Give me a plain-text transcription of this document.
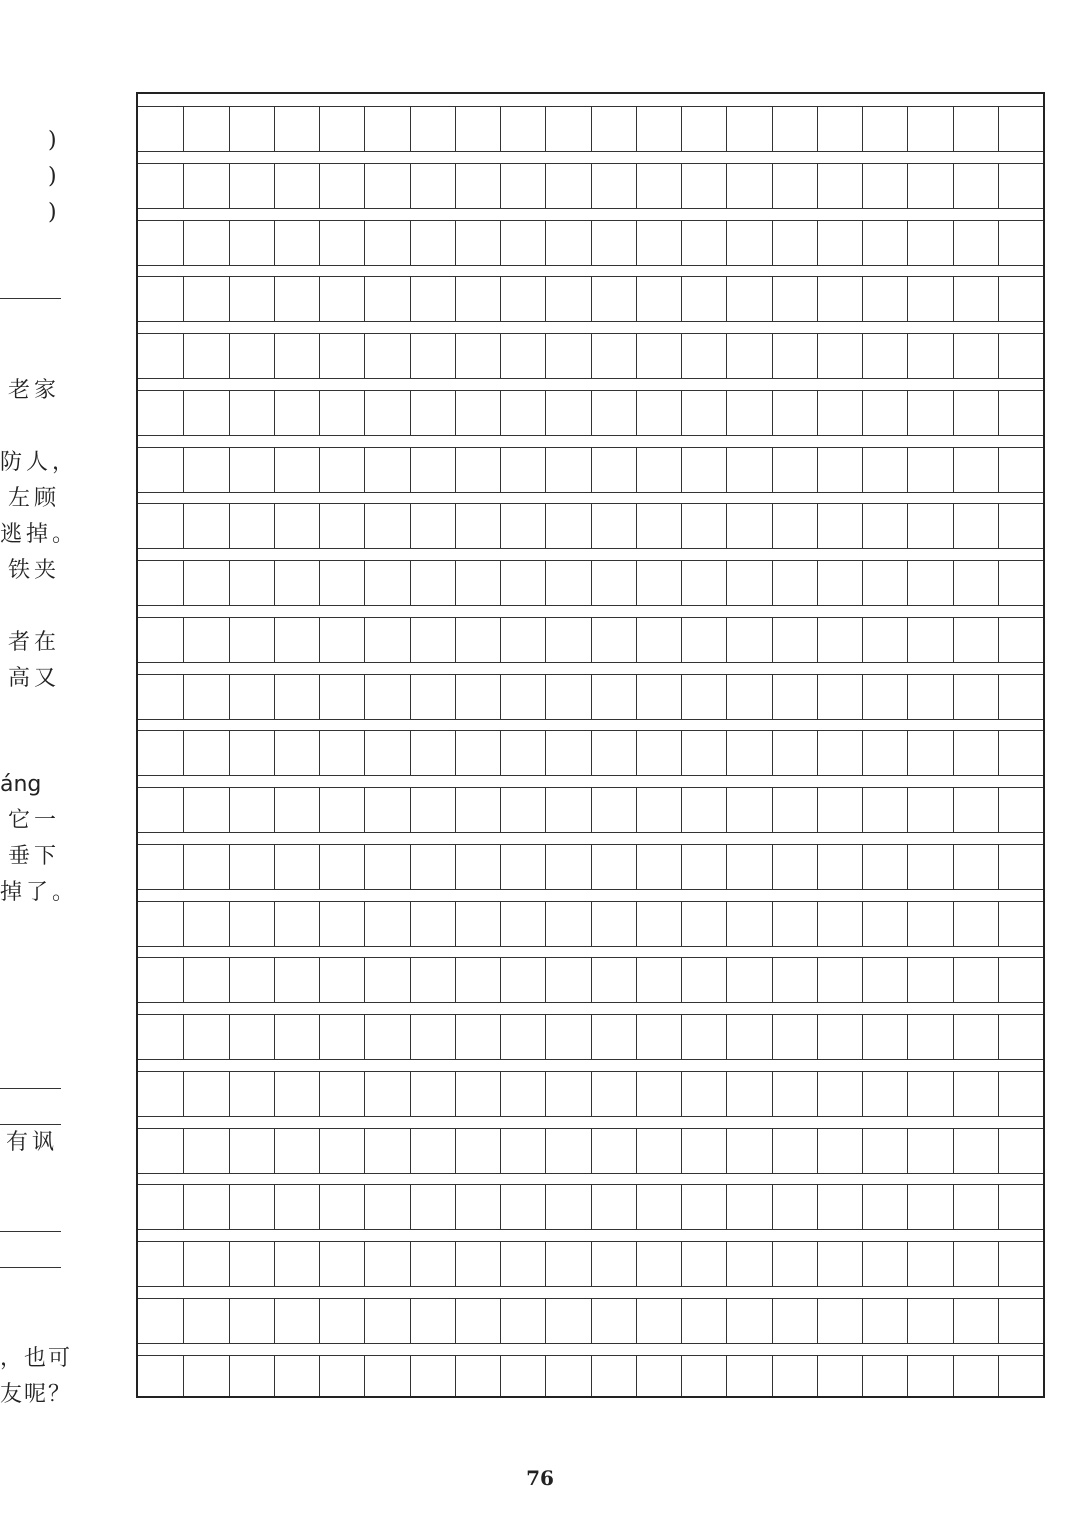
)
)
)
老家
防人，
左顾
逃掉。
铁夹
者在
高又
áng
它一
垂下
掉了。
有讽
，也可
友呢？
76
